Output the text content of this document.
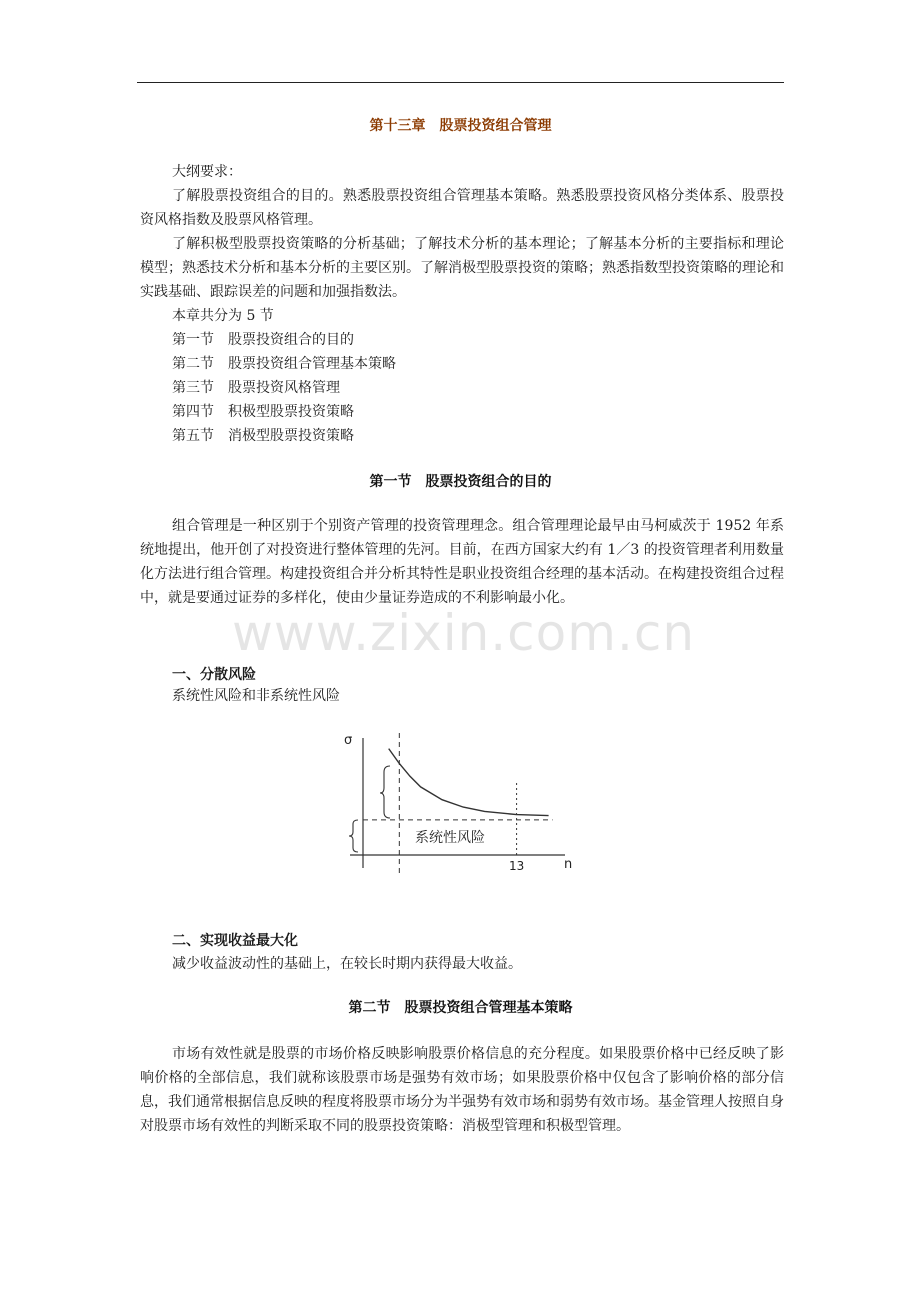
第十三章　股票投资组合管理
大纲要求：

了解股票投资组合的目的。熟悉股票投资组合管理基本策略。熟悉股票投资风格分类体系、股票投资风格指数及股票风格管理。

了解积极型股票投资策略的分析基础；了解技术分析的基本理论；了解基本分析的主要指标和理论模型；熟悉技术分析和基本分析的主要区别。了解消极型股票投资的策略；熟悉指数型投资策略的理论和实践基础、跟踪误差的问题和加强指数法。

本章共分为 5 节
第一节　股票投资组合的目的
第二节　股票投资组合管理基本策略
第三节　股票投资风格管理
第四节　积极型股票投资策略
第五节　消极型股票投资策略
第一节　股票投资组合的目的

组合管理是一种区别于个别资产管理的投资管理理念。组合管理理论最早由马柯威茨于 1952 年系统地提出，他开创了对投资进行整体管理的先河。目前，在西方国家大约有 1／3 的投资管理者利用数量化方法进行组合管理。构建投资组合并分析其特性是职业投资组合经理的基本活动。在构建投资组合过程中，就是要通过证券的多样化，使由少量证券造成的不利影响最小化。

www.zixin.com.cn
一、分散风险
系统性风险和非系统性风险
σ
n
系统性风险
13
二、实现收益最大化
减少收益波动性的基础上，在较长时期内获得最大收益。
第二节　股票投资组合管理基本策略

市场有效性就是股票的市场价格反映影响股票价格信息的充分程度。如果股票价格中已经反映了影响价格的全部信息，我们就称该股票市场是强势有效市场；如果股票价格中仅包含了影响价格的部分信息，我们通常根据信息反映的程度将股票市场分为半强势有效市场和弱势有效市场。基金管理人按照自身对股票市场有效性的判断采取不同的股票投资策略：消极型管理和积极型管理。
